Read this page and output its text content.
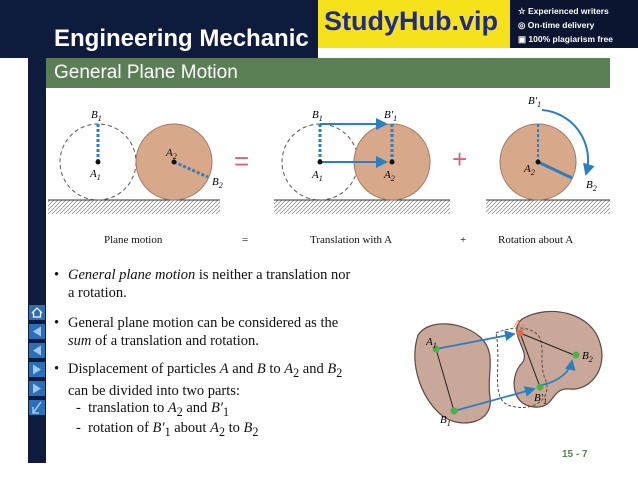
Engineering Mechanic
General Plane Motion
StudyHub.vip ☆ Experienced writers
◎ On-time delivery
▣ 100% plagiarism free
$B_1$
$A_1$
$A_2$
$B_2$
=
$B_1$	$B'_1$
$A_1$	$A_2$
+
$B'_1$
$A_2$
$B_2$
Plane motion	=	Translation with A	+	Rotation about A
• General plane motion is neither a translation nor
a rotation.
• General plane motion can be considered as the
sum of a translation and rotation.
• Displacement of particles A and B to $A_2$ and $B_2$
can be divided into two parts:
- translation to $A_2$ and $B'_1$
- rotation of $B'_1$ about $A_2$ to $B_2$
$A_1$
$A_2$
$B_1$
$B'_1$
$B_2$
15 - 7
